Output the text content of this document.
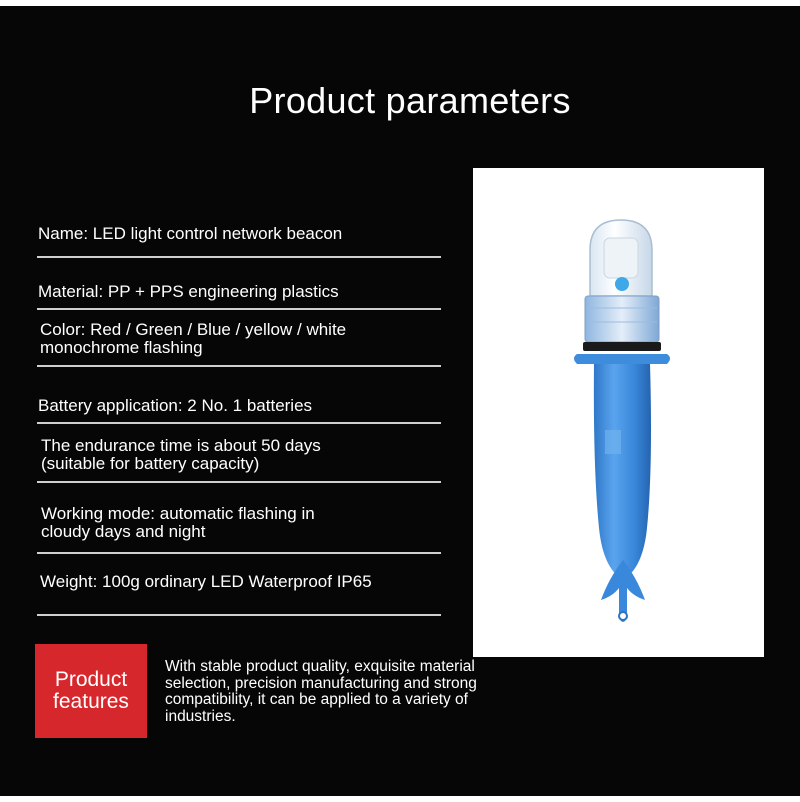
Product parameters
Name: LED light control network beacon
Material: PP + PPS engineering plastics
Color: Red / Green / Blue / yellow / white
monochrome flashing
Battery application: 2 No. 1 batteries
The endurance time is about 50 days
(suitable for battery capacity)
Working mode: automatic flashing in
cloudy days and night
Weight: 100g ordinary LED Waterproof IP65
Product
features
With stable product quality, exquisite material selection, precision manufacturing and strong compatibility, it can be applied to a variety of industries.
